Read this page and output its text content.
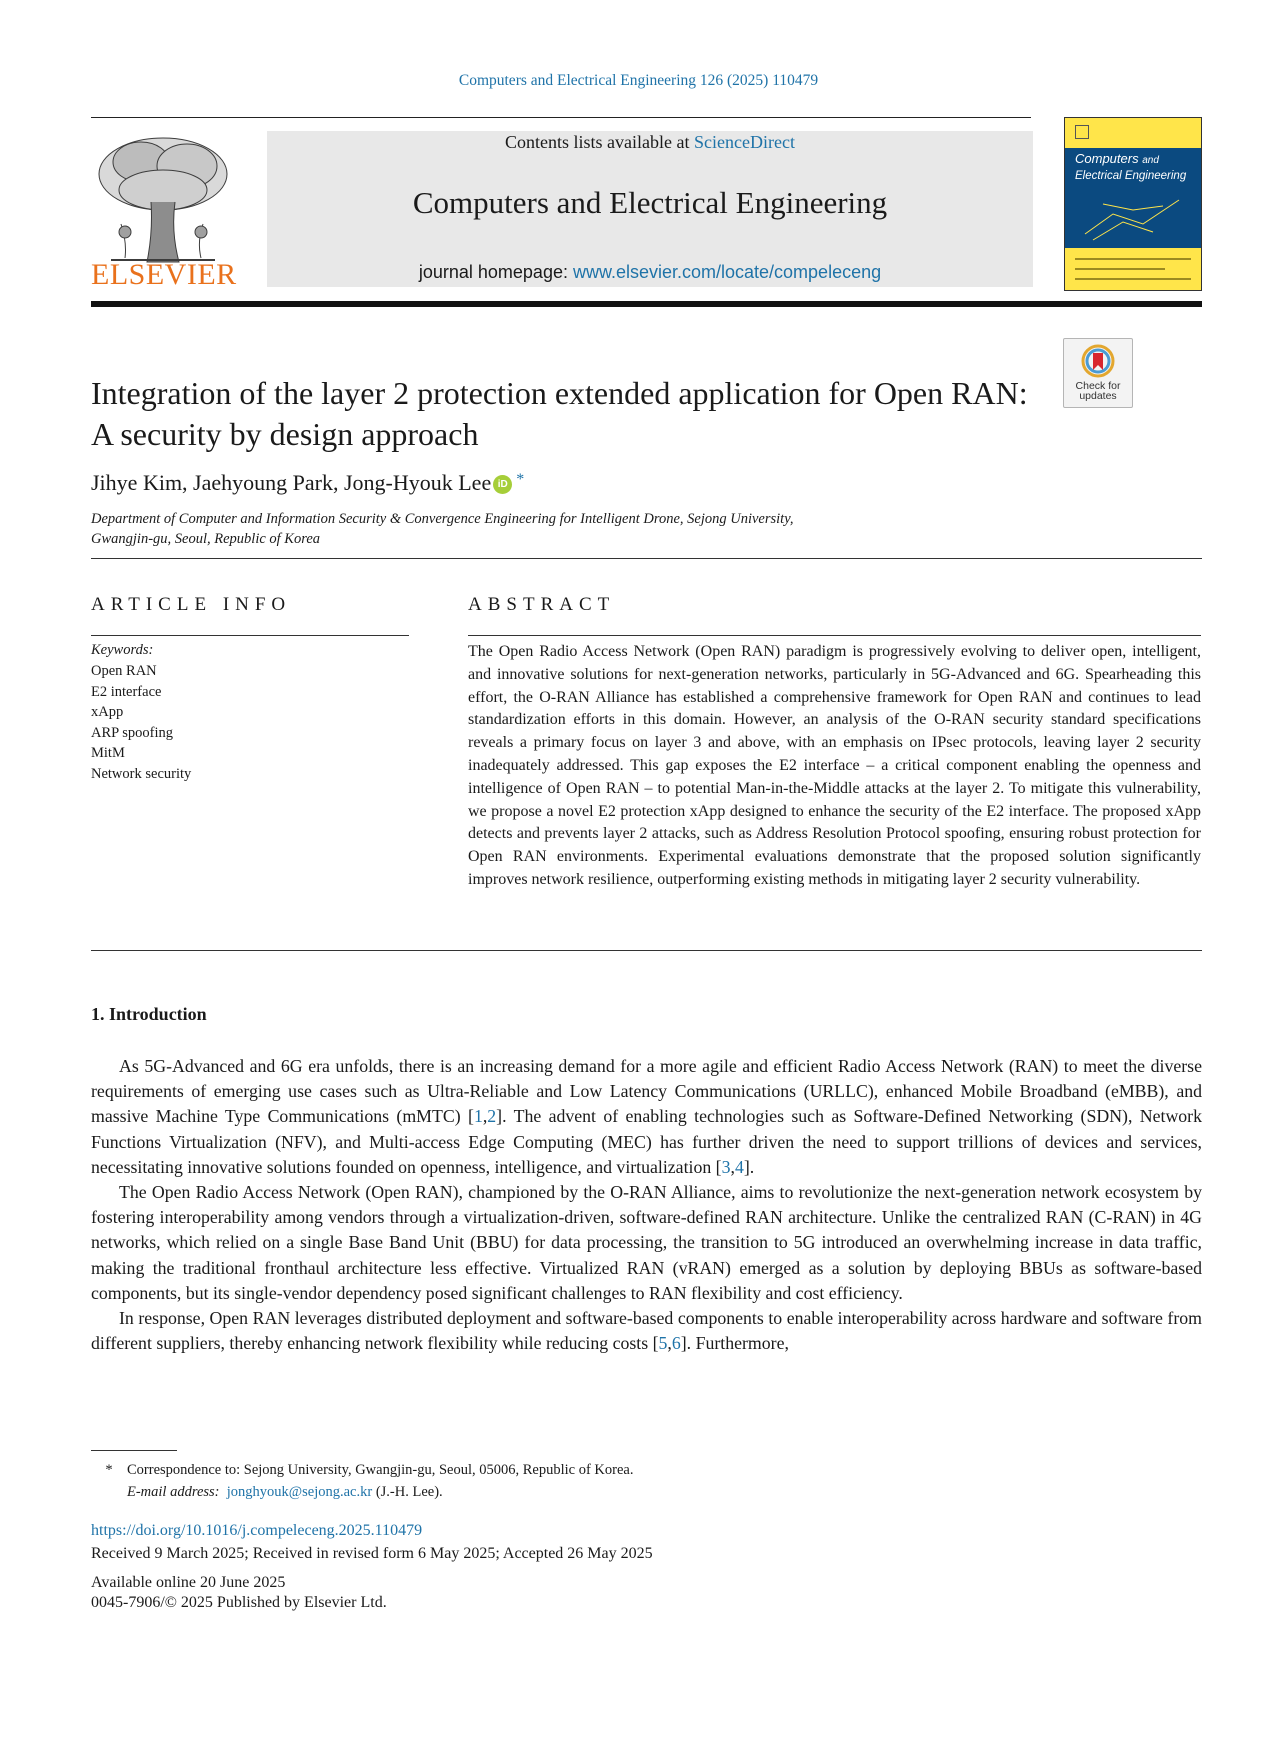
Computers and Electrical Engineering 126 (2025) 110479
ELSEVIER
Contents lists available at ScienceDirect
Computers and Electrical Engineering
journal homepage: www.elsevier.com/locate/compeleceng
Computers and
Electrical Engineering
Check for updates
Integration of the layer 2 protection extended application for Open RAN: A security by design approach
Jihye Kim, Jaehyoung Park, Jong-Hyouk Lee iD *
Department of Computer and Information Security & Convergence Engineering for Intelligent Drone, Sejong University, Gwangjin-gu, Seoul, Republic of Korea
ARTICLE INFO
Keywords:
Open RAN
E2 interface
xApp
ARP spoofing
MitM
Network security
ABSTRACT
The Open Radio Access Network (Open RAN) paradigm is progressively evolving to deliver open, intelligent, and innovative solutions for next-generation networks, particularly in 5G-Advanced and 6G. Spearheading this effort, the O-RAN Alliance has established a comprehensive framework for Open RAN and continues to lead standardization efforts in this domain. However, an analysis of the O-RAN security standard specifications reveals a primary focus on layer 3 and above, with an emphasis on IPsec protocols, leaving layer 2 security inadequately addressed. This gap exposes the E2 interface – a critical component enabling the openness and intelligence of Open RAN – to potential Man-in-the-Middle attacks at the layer 2. To mitigate this vulnerability, we propose a novel E2 protection xApp designed to enhance the security of the E2 interface. The proposed xApp detects and prevents layer 2 attacks, such as Address Resolution Protocol spoofing, ensuring robust protection for Open RAN environments. Experimental evaluations demonstrate that the proposed solution significantly improves network resilience, outperforming existing methods in mitigating layer 2 security vulnerability.
1. Introduction

As 5G-Advanced and 6G era unfolds, there is an increasing demand for a more agile and efficient Radio Access Network (RAN) to meet the diverse requirements of emerging use cases such as Ultra-Reliable and Low Latency Communications (URLLC), enhanced Mobile Broadband (eMBB), and massive Machine Type Communications (mMTC) [1,2]. The advent of enabling technologies such as Software-Defined Networking (SDN), Network Functions Virtualization (NFV), and Multi-access Edge Computing (MEC) has further driven the need to support trillions of devices and services, necessitating innovative solutions founded on openness, intelligence, and virtualization [3,4].

The Open Radio Access Network (Open RAN), championed by the O-RAN Alliance, aims to revolutionize the next-generation network ecosystem by fostering interoperability among vendors through a virtualization-driven, software-defined RAN architecture. Unlike the centralized RAN (C-RAN) in 4G networks, which relied on a single Base Band Unit (BBU) for data processing, the transition to 5G introduced an overwhelming increase in data traffic, making the traditional fronthaul architecture less effective. Virtualized RAN (vRAN) emerged as a solution by deploying BBUs as software-based components, but its single-vendor dependency posed significant challenges to RAN flexibility and cost efficiency.

In response, Open RAN leverages distributed deployment and software-based components to enable interoperability across hardware and software from different suppliers, thereby enhancing network flexibility while reducing costs [5,6]. Furthermore,

* Correspondence to: Sejong University, Gwangjin-gu, Seoul, 05006, Republic of Korea.
E-mail address: jonghyouk@sejong.ac.kr (J.-H. Lee).
https://doi.org/10.1016/j.compeleceng.2025.110479
Received 9 March 2025; Received in revised form 6 May 2025; Accepted 26 May 2025
Available online 20 June 2025
0045-7906/© 2025 Published by Elsevier Ltd.
